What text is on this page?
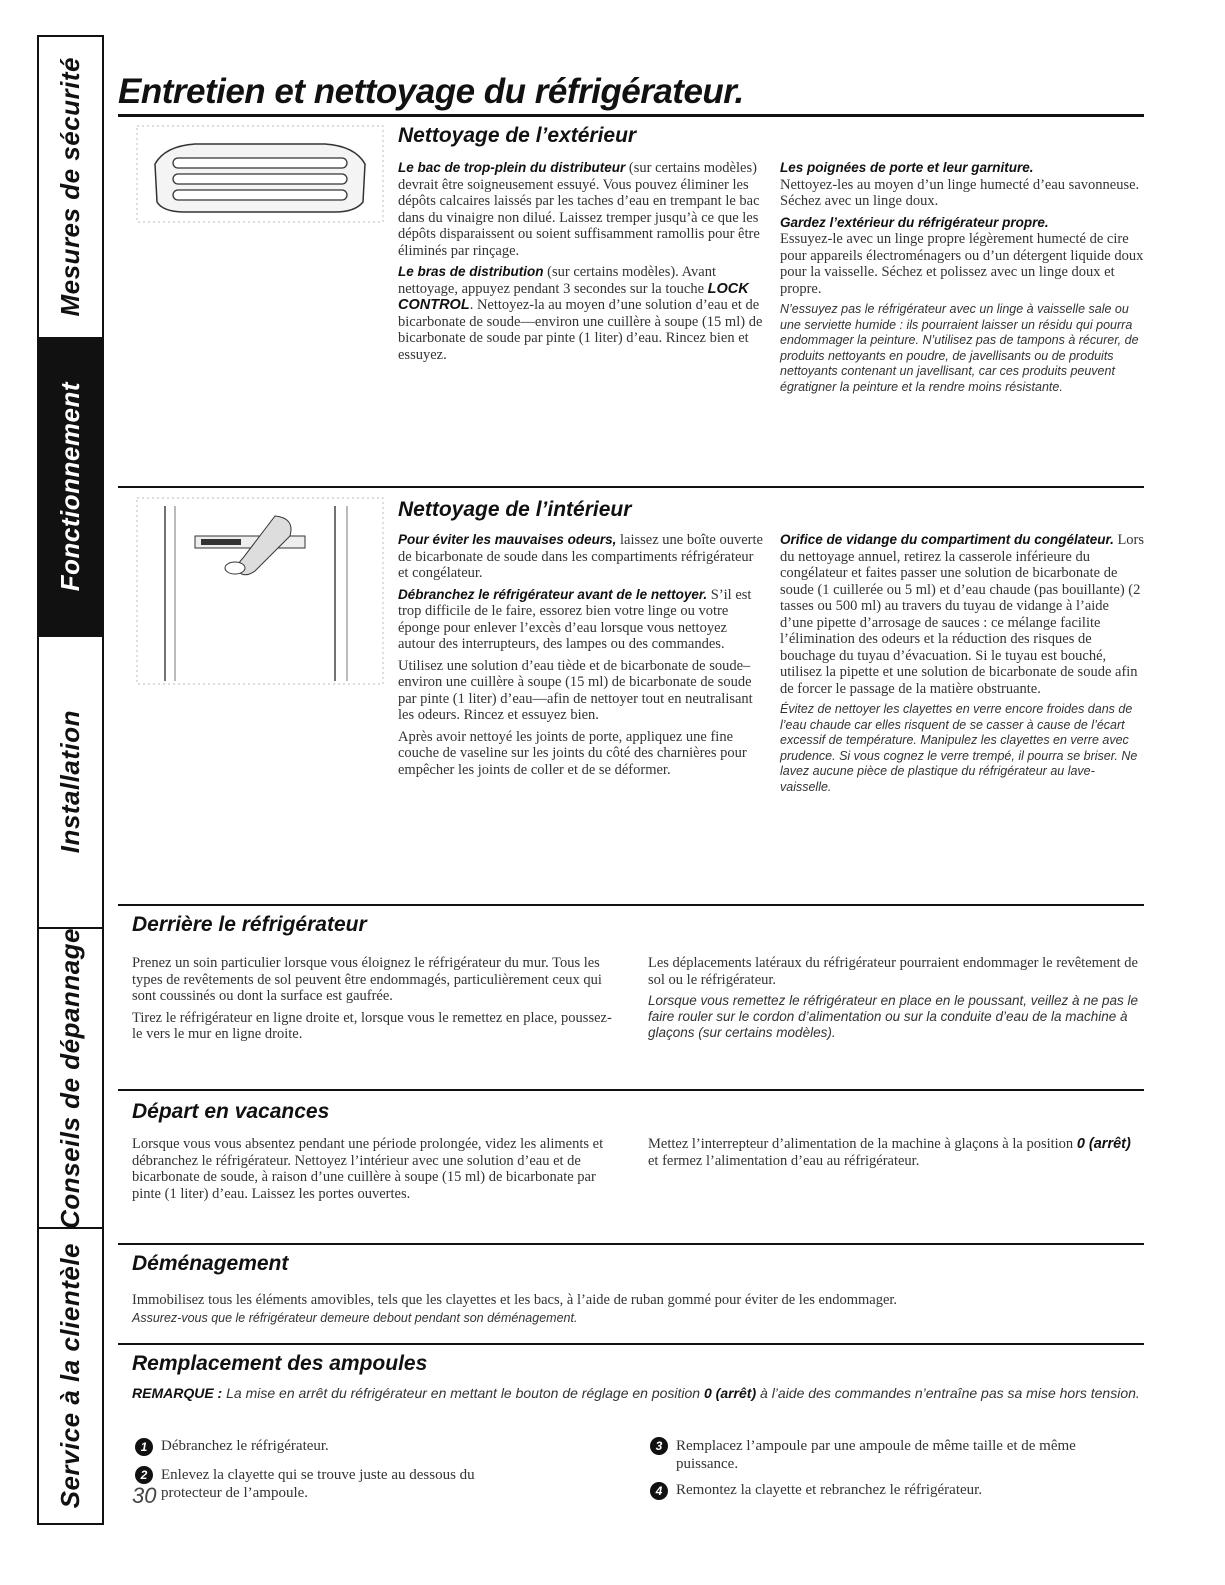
Mesures de sécurité
Fonctionnement
Installation
Conseils de dépannage
Service à la clientèle
Entretien et nettoyage du réfrigérateur.
Nettoyage de l’extérieur

Le bac de trop-plein du distributeur (sur certains modèles) devrait être soigneusement essuyé. Vous pouvez éliminer les dépôts calcaires laissés par les taches d’eau en trempant le bac dans du vinaigre non dilué. Laissez tremper jusqu’à ce que les dépôts disparaissent ou soient suffisamment ramollis pour être éliminés par rinçage.

Le bras de distribution (sur certains modèles). Avant nettoyage, appuyez pendant 3 secondes sur la touche LOCK CONTROL. Nettoyez-la au moyen d’une solution d’eau et de bicarbonate de soude—environ une cuillère à soupe (15 ml) de bicarbonate de soude par pinte (1 liter) d’eau. Rincez bien et essuyez.

Les poignées de porte et leur garniture.

Nettoyez-les au moyen d’un linge humecté d’eau savonneuse. Séchez avec un linge doux.

Gardez l’extérieur du réfrigérateur propre.

Essuyez-le avec un linge propre légèrement humecté de cire pour appareils électroménagers ou d’un détergent liquide doux pour la vaisselle. Séchez et polissez avec un linge doux et propre.

N’essuyez pas le réfrigérateur avec un linge à vaisselle sale ou une serviette humide : ils pourraient laisser un résidu qui pourra endommager la peinture. N’utilisez pas de tampons à récurer, de produits nettoyants en poudre, de javellisants ou de produits nettoyants contenant un javellisant, car ces produits peuvent égratigner la peinture et la rendre moins résistante.

Nettoyage de l’intérieur

Pour éviter les mauvaises odeurs, laissez une boîte ouverte de bicarbonate de soude dans les compartiments réfrigérateur et congélateur.

Débranchez le réfrigérateur avant de le nettoyer. S’il est trop difficile de le faire, essorez bien votre linge ou votre éponge pour enlever l’excès d’eau lorsque vous nettoyez autour des interrupteurs, des lampes ou des commandes.

Utilisez une solution d’eau tiède et de bicarbonate de soude–environ une cuillère à soupe (15 ml) de bicarbonate de soude par pinte (1 liter) d’eau—afin de nettoyer tout en neutralisant les odeurs. Rincez et essuyez bien.

Après avoir nettoyé les joints de porte, appliquez une fine couche de vaseline sur les joints du côté des charnières pour empêcher les joints de coller et de se déformer.

Orifice de vidange du compartiment du congélateur. Lors du nettoyage annuel, retirez la casserole inférieure du congélateur et faites passer une solution de bicarbonate de soude (1 cuillerée ou 5 ml) et d’eau chaude (pas bouillante) (2 tasses ou 500 ml) au travers du tuyau de vidange à l’aide d’une pipette d’arrosage de sauces : ce mélange facilite l’élimination des odeurs et la réduction des risques de bouchage du tuyau d’évacuation. Si le tuyau est bouché, utilisez la pipette et une solution de bicarbonate de soude afin de forcer le passage de la matière obstruante.

Évitez de nettoyer les clayettes en verre encore froides dans de l’eau chaude car elles risquent de se casser à cause de l’écart excessif de température. Manipulez les clayettes en verre avec prudence. Si vous cognez le verre trempé, il pourra se briser. Ne lavez aucune pièce de plastique du réfrigérateur au lave-vaisselle.

Derrière le réfrigérateur

Prenez un soin particulier lorsque vous éloignez le réfrigérateur du mur. Tous les types de revêtements de sol peuvent être endommagés, particulièrement ceux qui sont coussinés ou dont la surface est gaufrée.

Tirez le réfrigérateur en ligne droite et, lorsque vous le remettez en place, poussez-le vers le mur en ligne droite.

Les déplacements latéraux du réfrigérateur pourraient endommager le revêtement de sol ou le réfrigérateur.

Lorsque vous remettez le réfrigérateur en place en le poussant, veillez à ne pas le faire rouler sur le cordon d’alimentation ou sur la conduite d’eau de la machine à glaçons (sur certains modèles).

Départ en vacances

Lorsque vous vous absentez pendant une période prolongée, videz les aliments et débranchez le réfrigérateur. Nettoyez l’intérieur avec une solution d’eau et de bicarbonate de soude, à raison d’une cuillère à soupe (15 ml) de bicarbonate par pinte (1 liter) d’eau. Laissez les portes ouvertes.

Mettez l’interrepteur d’alimentation de la machine à glaçons à la position 0 (arrêt) et fermez l’alimentation d’eau au réfrigérateur.

Déménagement

Immobilisez tous les éléments amovibles, tels que les clayettes et les bacs, à l’aide de ruban gommé pour éviter de les endommager.

Assurez-vous que le réfrigérateur demeure debout pendant son déménagement.

Remplacement des ampoules

REMARQUE : La mise en arrêt du réfrigérateur en mettant le bouton de réglage en position 0 (arrêt) à l’aide des commandes n’entraîne pas sa mise hors tension.

1 Débranchez le réfrigérateur.

2 Enlevez la clayette qui se trouve juste au dessous du protecteur de l’ampoule.
3 Remplacez l’ampoule par une ampoule de même taille et de même puissance.

4 Remontez la clayette et rebranchez le réfrigérateur.

30
